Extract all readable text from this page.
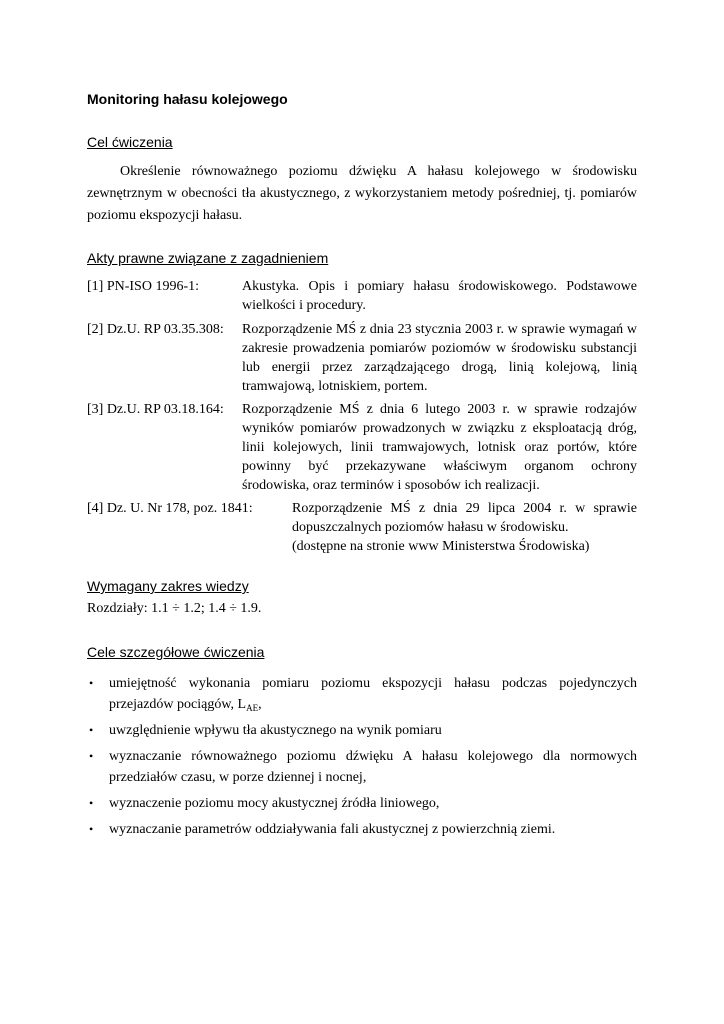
Monitoring hałasu kolejowego
Cel ćwiczenia
Określenie równoważnego poziomu dźwięku A hałasu kolejowego w środowisku zewnętrznym w obecności tła akustycznego, z wykorzystaniem metody pośredniej, tj. pomiarów poziomu ekspozycji hałasu.
Akty prawne związane z zagadnieniem
[1] PN-ISO 1996-1:	Akustyka. Opis i pomiary hałasu środowiskowego. Podstawowe wielkości i procedury.
[2] Dz.U. RP 03.35.308: Rozporządzenie MŚ z dnia 23 stycznia 2003 r. w sprawie wymagań w zakresie prowadzenia pomiarów poziomów w środowisku substancji lub energii przez zarządzającego drogą, linią kolejową, linią tramwajową, lotniskiem, portem.
[3] Dz.U. RP 03.18.164: Rozporządzenie MŚ z dnia 6 lutego 2003 r. w sprawie rodzajów wyników pomiarów prowadzonych w związku z eksploatacją dróg, linii kolejowych, linii tramwajowych, lotnisk oraz portów, które powinny być przekazywane właściwym organom ochrony środowiska, oraz terminów i sposobów ich realizacji.
[4] Dz. U. Nr 178, poz. 1841:	Rozporządzenie MŚ z dnia 29 lipca 2004 r. w sprawie dopuszczalnych poziomów hałasu w środowisku.
(dostępne na stronie www Ministerstwa Środowiska)
Wymagany zakres wiedzy
Rozdziały: 1.1 ÷ 1.2; 1.4 ÷ 1.9.
Cele szczegółowe ćwiczenia
• umiejętność wykonania pomiaru poziomu ekspozycji hałasu podczas pojedynczych przejazdów pociągów, $L_{AE}$,
• uwzględnienie wpływu tła akustycznego na wynik pomiaru
• wyznaczanie równoważnego poziomu dźwięku A hałasu kolejowego dla normowych przedziałów czasu, w porze dziennej i nocnej,
• wyznaczenie poziomu mocy akustycznej źródła liniowego,
• wyznaczanie parametrów oddziaływania fali akustycznej z powierzchnią ziemi.
